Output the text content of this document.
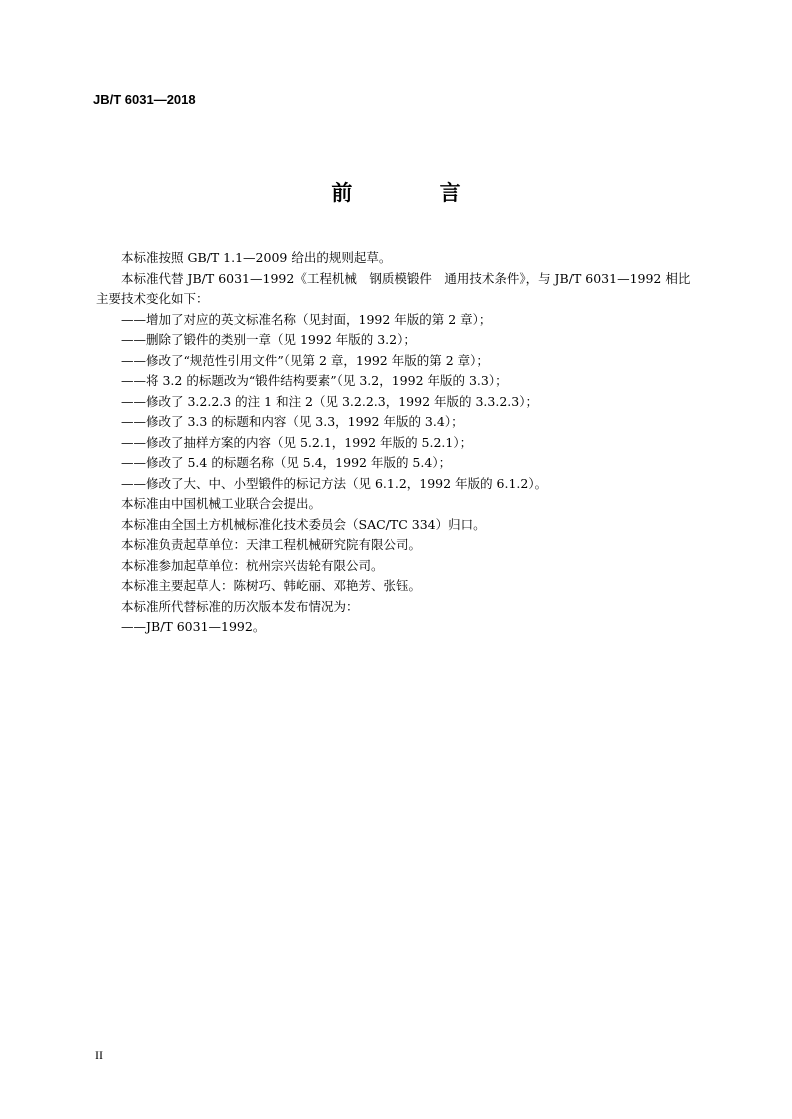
JB/T 6031—2018
前 言
本标准按照 GB/T 1.1—2009 给出的规则起草。
本标准代替 JB/T 6031—1992《工程机械　钢质模锻件　通用技术条件》，与 JB/T 6031—1992 相比
主要技术变化如下：
——增加了对应的英文标准名称（见封面，1992 年版的第 2 章）；
——删除了锻件的类别一章（见 1992 年版的 3.2）；
——修改了“规范性引用文件”（见第 2 章，1992 年版的第 2 章）；
——将 3.2 的标题改为“锻件结构要素”（见 3.2，1992 年版的 3.3）；
——修改了 3.2.2.3 的注 1 和注 2（见 3.2.2.3，1992 年版的 3.3.2.3）；
——修改了 3.3 的标题和内容（见 3.3，1992 年版的 3.4）；
——修改了抽样方案的内容（见 5.2.1，1992 年版的 5.2.1）；
——修改了 5.4 的标题名称（见 5.4，1992 年版的 5.4）；
——修改了大、中、小型锻件的标记方法（见 6.1.2，1992 年版的 6.1.2）。
本标准由中国机械工业联合会提出。
本标准由全国土方机械标准化技术委员会（SAC/TC 334）归口。
本标准负责起草单位：天津工程机械研究院有限公司。
本标准参加起草单位：杭州宗兴齿轮有限公司。
本标准主要起草人：陈树巧、韩屹丽、邓艳芳、张钰。
本标准所代替标准的历次版本发布情况为：
——JB/T 6031—1992。
II
